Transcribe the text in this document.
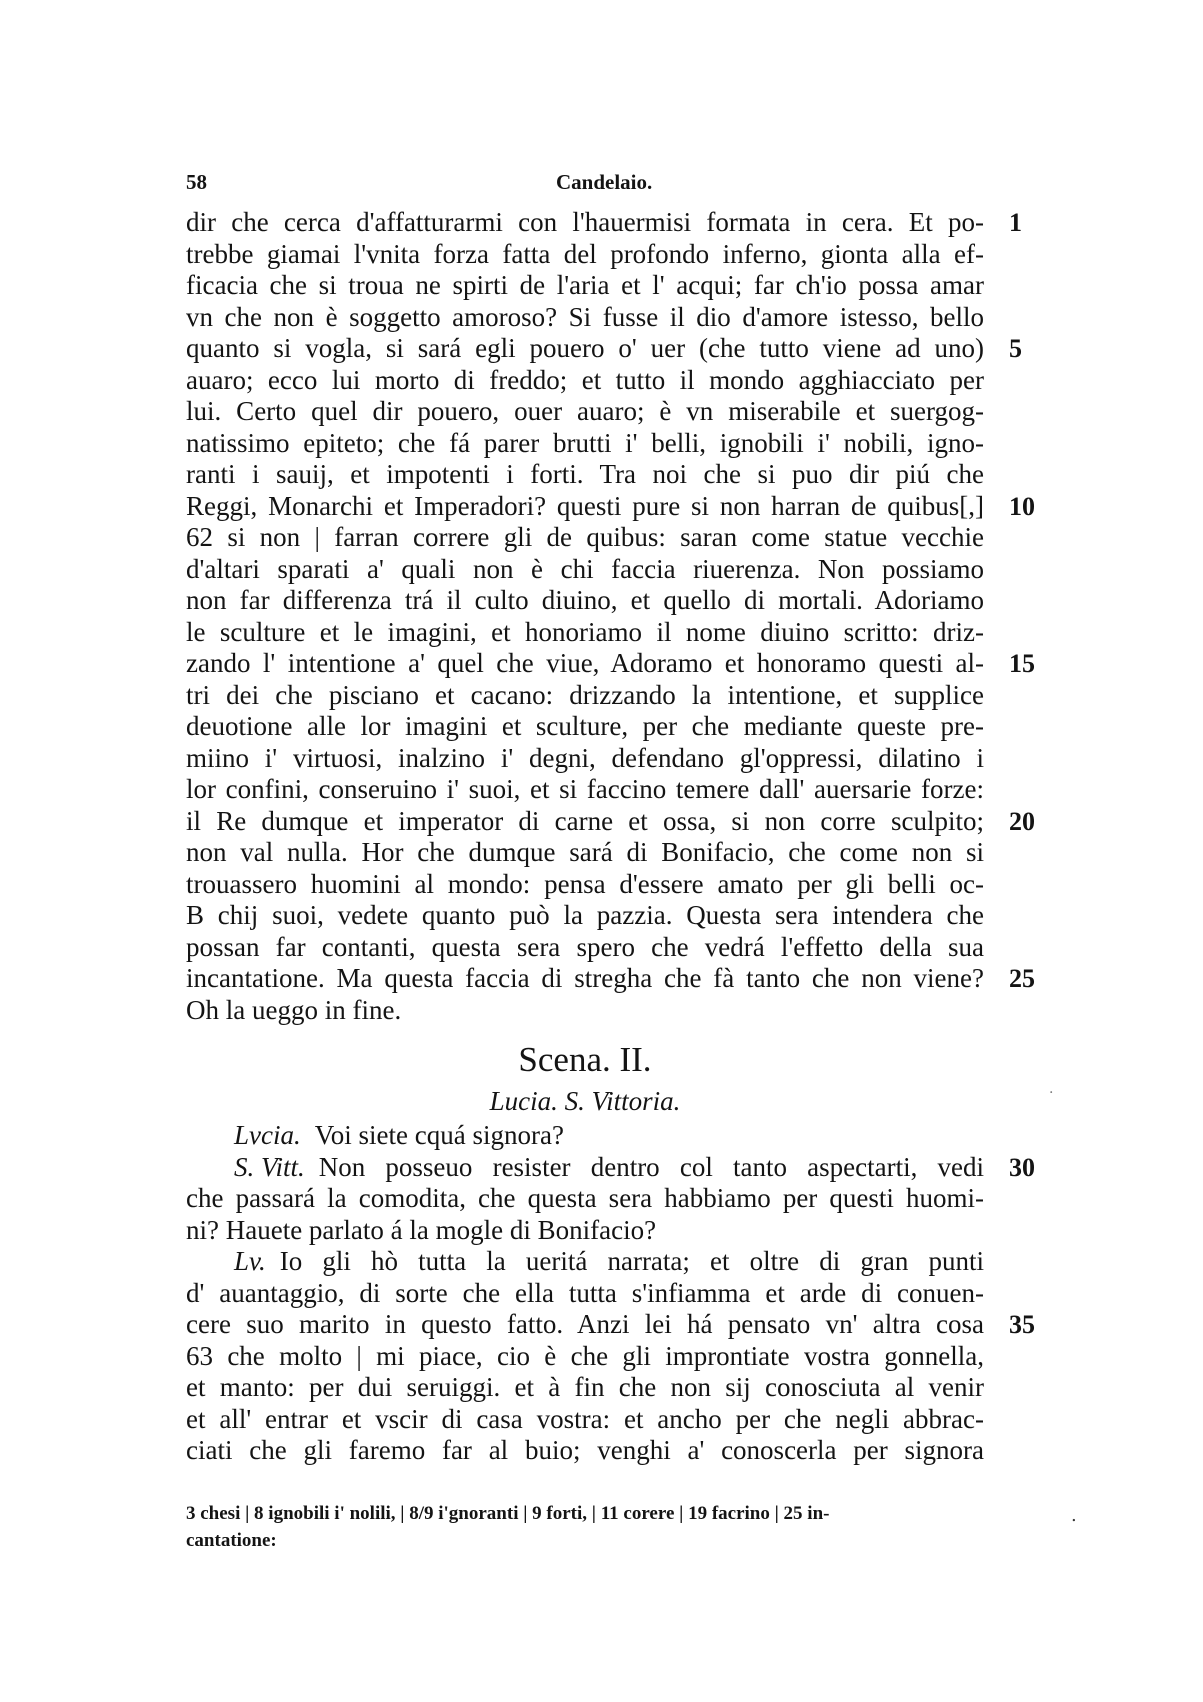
58	Candelaio.
dir che cerca d'affatturarmi con l'hauermisi formata in cera. Et po- 1
trebbe giamai l'vnita forza fatta del profondo inferno, gionta alla ef-
ficacia che si troua ne spirti de l'aria et l' acqui; far ch'io possa amar
vn che non è soggetto amoroso? Si fusse il dio d'amore istesso, bello
quanto si vogla, si sará egli pouero o' uer (che tutto viene ad uno) 5
auaro; ecco lui morto di freddo; et tutto il mondo agghiacciato per
lui. Certo quel dir pouero, ouer auaro; è vn miserabile et suergog-
natissimo epiteto; che fá parer brutti i' belli, ignobili i' nobili, igno-
ranti i sauij, et impotenti i forti. Tra noi che si puo dir piú che
Reggi, Monarchi et Imperadori? questi pure si non harran de quibus[,] 10
62 si non | farran correre gli de quibus: saran come statue vecchie
d'altari sparati a' quali non è chi faccia riuerenza. Non possiamo
non far differenza trá il culto diuino, et quello di mortali. Adoriamo
le sculture et le imagini, et honoriamo il nome diuino scritto: driz-
zando l' intentione a' quel che viue, Adoramo et honoramo questi al- 15
tri dei che pisciano et cacano: drizzando la intentione, et supplice
deuotione alle lor imagini et sculture, per che mediante queste pre-
miino i' virtuosi, inalzino i' degni, defendano gl'oppressi, dilatino i
lor confini, conseruino i' suoi, et si faccino temere dall' auersarie forze:
il Re dumque et imperator di carne et ossa, si non corre sculpito; 20
non val nulla. Hor che dumque sará di Bonifacio, che come non si
trouassero huomini al mondo: pensa d'essere amato per gli belli oc-
B chij suoi, vedete quanto può la pazzia. Questa sera intendera che
possan far contanti, questa sera spero che vedrá l'effetto della sua
incantatione. Ma questa faccia di stregha che fà tanto che non viene? 25
Oh la ueggo in fine.
Scena. II.
Lucia. S. Vittoria.
Lvcia. Voi siete cquá signora?
S. Vitt. Non posseuo resister dentro col tanto aspectarti, vedi 30
che passará la comodita, che questa sera habbiamo per questi huomi-
ni? Hauete parlato á la mogle di Bonifacio?
Lv. Io gli hò tutta la ueritá narrata; et oltre di gran punti
d' auantaggio, di sorte che ella tutta s'infiamma et arde di conuen-
cere suo marito in questo fatto. Anzi lei há pensato vn' altra cosa 35
63 che molto | mi piace, cio è che gli improntiate vostra gonnella,
et manto: per dui seruiggi. et à fin che non sij conosciuta al venir
et all' entrar et vscir di casa vostra: et ancho per che negli abbrac-
ciati che gli faremo far al buio; venghi a' conoscerla per signora
3 chesi | 8 ignobili i' nolili, | 8/9 i'gnoranti | 9 forti, | 11 corere | 19 facrino | 25 in-
cantatione:
·
.
